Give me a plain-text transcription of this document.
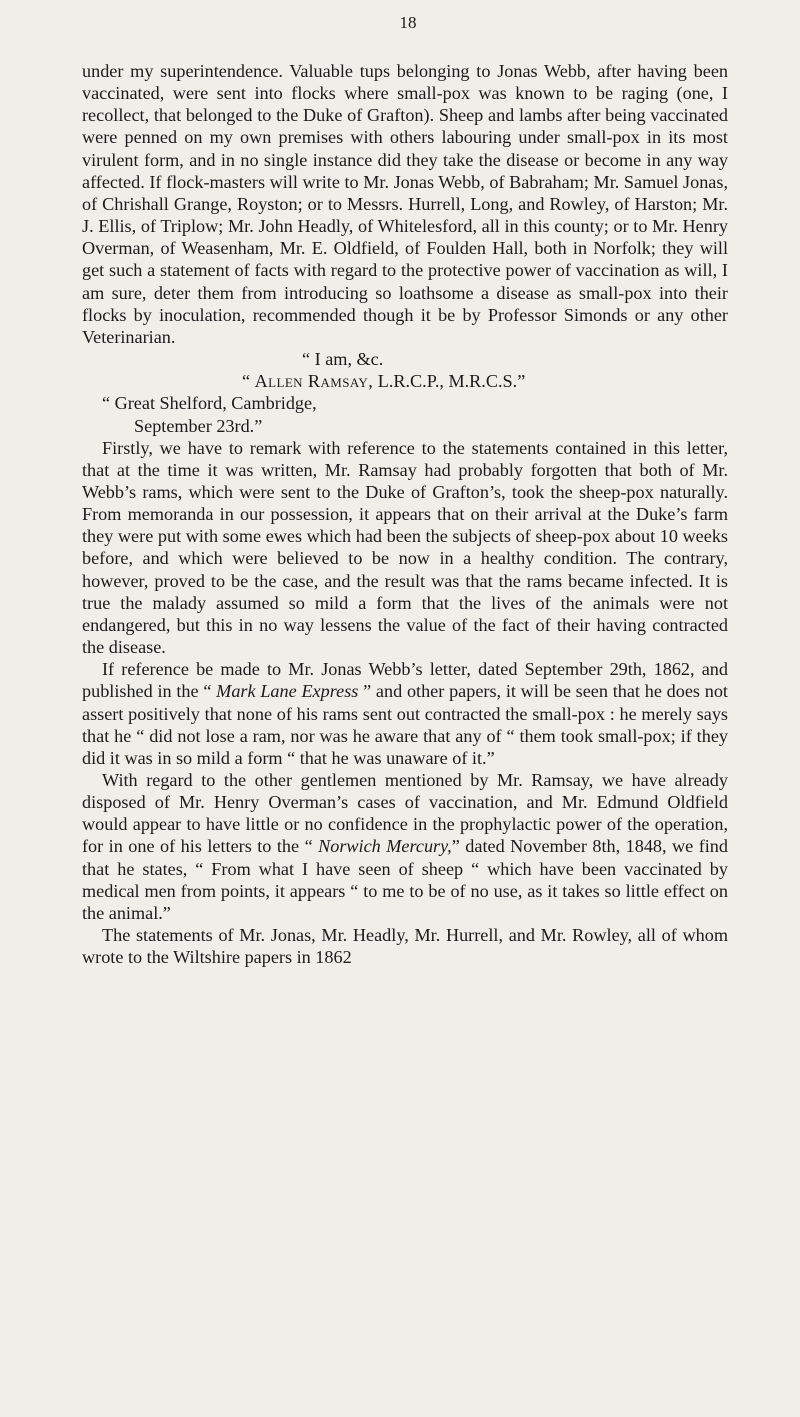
18

under my superintendence. Valuable tups belonging to Jonas Webb, after having been vaccinated, were sent into flocks where small-pox was known to be raging (one, I recollect, that belonged to the Duke of Grafton). Sheep and lambs after being vaccinated were penned on my own premises with others labouring under small-pox in its most virulent form, and in no single instance did they take the disease or become in any way affected. If flock-masters will write to Mr. Jonas Webb, of Babraham; Mr. Samuel Jonas, of Chrishall Grange, Royston; or to Messrs. Hurrell, Long, and Rowley, of Harston; Mr. J. Ellis, of Triplow; Mr. John Headly, of Whitelesford, all in this county; or to Mr. Henry Overman, of Weasenham, Mr. E. Oldfield, of Foulden Hall, both in Norfolk; they will get such a statement of facts with regard to the protective power of vaccination as will, I am sure, deter them from introducing so loathsome a disease as small-pox into their flocks by inoculation, recommended though it be by Professor Simonds or any other Veterinarian.

“ I am, &c.

“ Allen Ramsay, L.R.C.P., M.R.C.S.”

“ Great Shelford, Cambridge,

September 23rd.”

Firstly, we have to remark with reference to the statements contained in this letter, that at the time it was written, Mr. Ramsay had probably forgotten that both of Mr. Webb’s rams, which were sent to the Duke of Grafton’s, took the sheep-pox naturally. From memoranda in our possession, it appears that on their arrival at the Duke’s farm they were put with some ewes which had been the subjects of sheep-pox about 10 weeks before, and which were believed to be now in a healthy condition. The contrary, however, proved to be the case, and the result was that the rams became infected. It is true the malady assumed so mild a form that the lives of the animals were not endangered, but this in no way lessens the value of the fact of their having contracted the disease.

If reference be made to Mr. Jonas Webb’s letter, dated September 29th, 1862, and published in the “ Mark Lane Express ” and other papers, it will be seen that he does not assert positively that none of his rams sent out contracted the small-pox : he merely says that he “ did not lose a ram, nor was he aware that any of “ them took small-pox; if they did it was in so mild a form “ that he was unaware of it.”

With regard to the other gentlemen mentioned by Mr. Ramsay, we have already disposed of Mr. Henry Overman’s cases of vaccination, and Mr. Edmund Oldfield would appear to have little or no confidence in the prophylactic power of the operation, for in one of his letters to the “ Norwich Mercury,” dated November 8th, 1848, we find that he states, “ From what I have seen of sheep “ which have been vaccinated by medical men from points, it appears “ to me to be of no use, as it takes so little effect on the animal.”

The statements of Mr. Jonas, Mr. Headly, Mr. Hurrell, and Mr. Rowley, all of whom wrote to the Wiltshire papers in 1862
